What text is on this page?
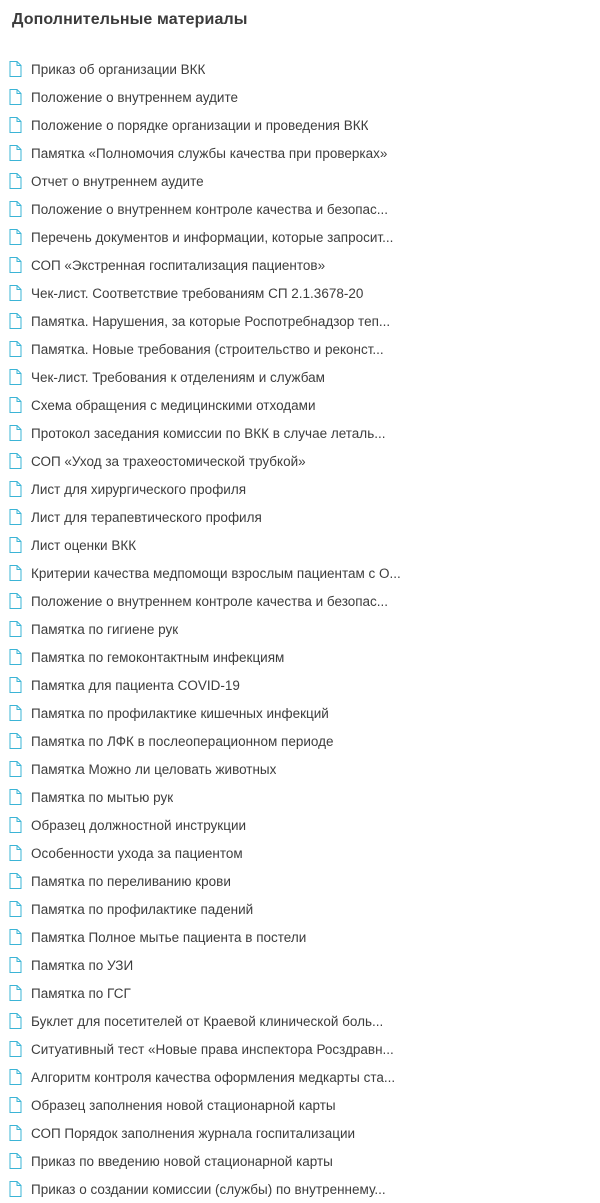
Дополнительные материалы
Приказ об организации ВКК
Положение о внутреннем аудите
Положение о порядке организации и проведения ВКК
Памятка «Полномочия службы качества при проверках»
Отчет о внутреннем аудите
Положение о внутреннем контроле качества и безопас...
Перечень документов и информации, которые запросит...
СОП «Экстренная госпитализация пациентов»
Чек-лист. Соответствие требованиям СП 2.1.3678-20
Памятка. Нарушения, за которые Роспотребнадзор теп...
Памятка. Новые требования (строительство и реконст...
Чек-лист. Требования к отделениям и службам
Схема обращения с медицинскими отходами
Протокол заседания комиссии по ВКК в случае леталь...
СОП «Уход за трахеостомической трубкой»
Лист для хирургического профиля
Лист для терапевтического профиля
Лист оценки ВКК
Критерии качества медпомощи взрослым пациентам с О...
Положение о внутреннем контроле качества и безопас...
Памятка по гигиене рук
Памятка по гемоконтактным инфекциям
Памятка для пациента COVID-19
Памятка по профилактике кишечных инфекций
Памятка по ЛФК в послеоперационном периоде
Памятка Можно ли целовать животных
Памятка по мытью рук
Образец должностной инструкции
Особенности ухода за пациентом
Памятка по переливанию крови
Памятка по профилактике падений
Памятка Полное мытье пациента в постели
Памятка по УЗИ
Памятка по ГСГ
Буклет для посетителей от Краевой клинической боль...
Ситуативный тест «Новые права инспектора Росздравн...
Алгоритм контроля качества оформления медкарты ста...
Образец заполнения новой стационарной карты
СОП Порядок заполнения журнала госпитализации
Приказ по введению новой стационарной карты
Приказ о создании комиссии (службы) по внутреннему...
